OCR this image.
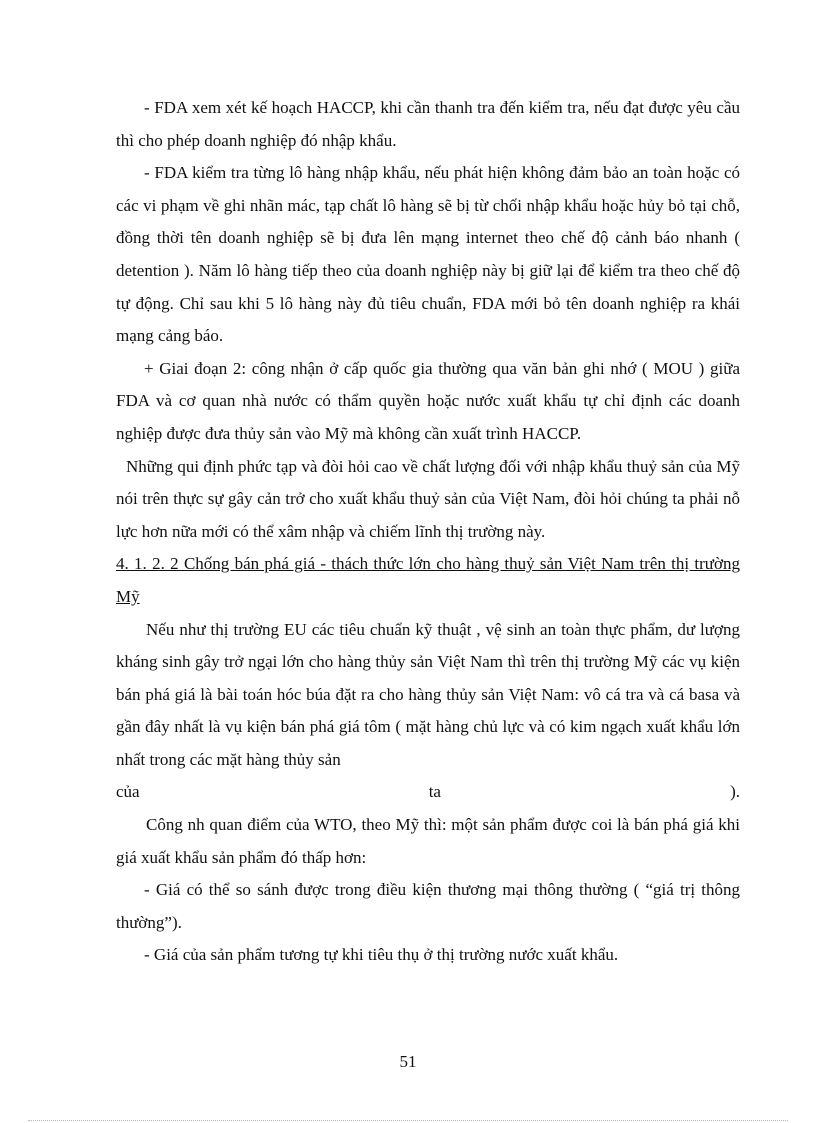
- FDA xem xét kế hoạch HACCP, khi cần thanh tra đến kiểm tra, nếu đạt được yêu cầu thì cho phép doanh nghiệp đó nhập khẩu.

- FDA kiểm tra từng lô hàng nhập khẩu, nếu phát hiện không đảm bảo an toàn hoặc có các vi phạm về ghi nhãn mác, tạp chất lô hàng sẽ bị từ chối nhập khẩu hoặc hủy bỏ tại chỗ, đồng thời tên doanh nghiệp sẽ bị đưa lên mạng internet theo chế độ cảnh báo nhanh ( detention ). Năm lô hàng tiếp theo của doanh nghiệp này bị giữ lại để kiểm tra theo chế độ tự động. Chỉ sau khi 5 lô hàng này đủ tiêu chuẩn, FDA mới bỏ tên doanh nghiệp ra khái mạng cảng báo.

+ Giai đoạn 2: công nhận ở cấp quốc gia thường qua văn bản ghi nhớ ( MOU ) giữa FDA và cơ quan nhà nước có thẩm quyền hoặc nước xuất khẩu tự chỉ định các doanh nghiệp được đưa thủy sản vào Mỹ mà không cần xuất trình HACCP.

Những qui định phức tạp và đòi hỏi cao về chất lượng đối với nhập khẩu thuỷ sản của Mỹ nói trên thực sự gây cản trở cho xuất khẩu thuỷ sản của Việt Nam, đòi hỏi chúng ta phải nỗ lực hơn nữa mới có thể xâm nhập và chiếm lĩnh thị trường này.

4. 1. 2. 2 Chống bán phá giá - thách thức lớn cho hàng thuỷ sản Việt Nam trên thị trường Mỹ

Nếu như thị trường EU các tiêu chuẩn kỹ thuật , vệ sinh an toàn thực phẩm, dư lượng kháng sinh gây trở ngại lớn cho hàng thủy sản Việt Nam thì trên thị trường Mỹ các vụ kiện bán phá giá là bài toán hóc búa đặt ra cho hàng thủy sản Việt Nam: vô cá tra và cá basa và gần đây nhất là vụ kiện bán phá giá tôm ( mặt hàng chủ lực và có kim ngạch xuất khẩu lớn nhất trong các mặt hàng thủy sản

của	ta	).

Công nh quan điểm của WTO, theo Mỹ thì: một sản phẩm được coi là bán phá giá khi giá xuất khẩu sản phẩm đó thấp hơn:

- Giá có thể so sánh được trong điều kiện thương mại thông thường ( “giá trị thông thường”).

- Giá của sản phẩm tương tự khi tiêu thụ ở thị trường nước xuất khẩu.

51
